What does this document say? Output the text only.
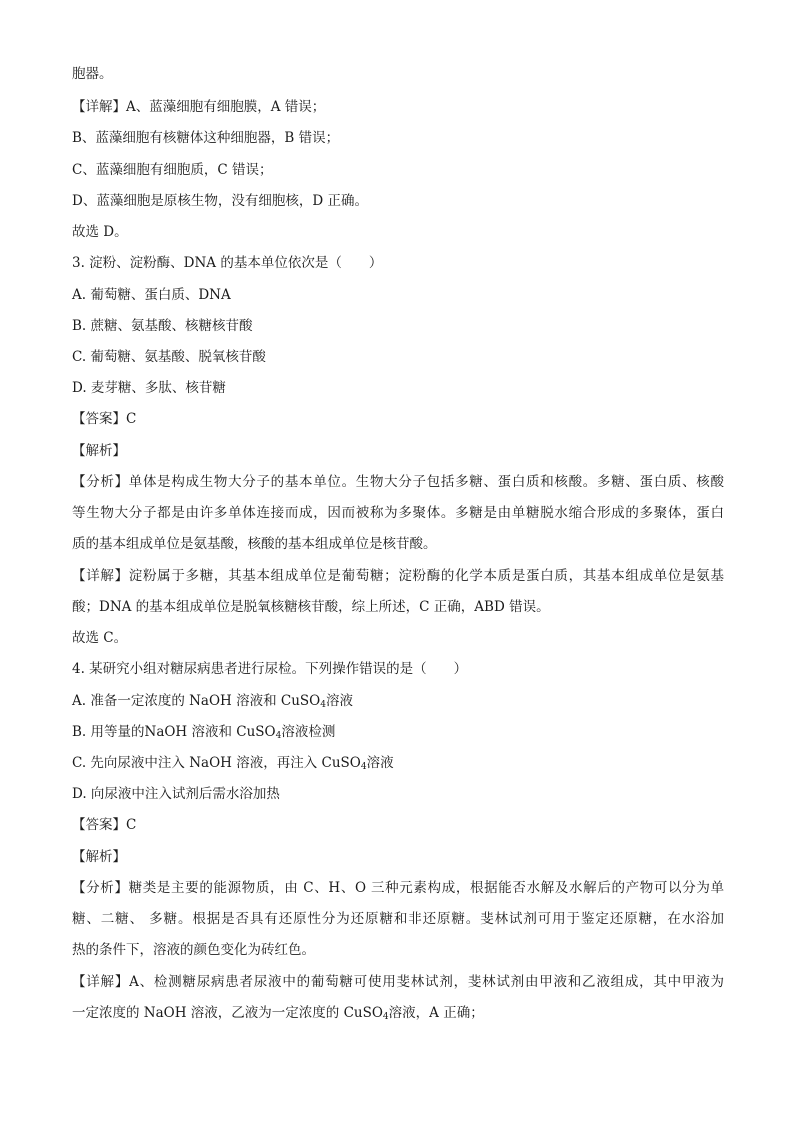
胞器。
【详解】A、蓝藻细胞有细胞膜，A 错误；
B、蓝藻细胞有核糖体这种细胞器，B 错误；
C、蓝藻细胞有细胞质，C 错误；
D、蓝藻细胞是原核生物，没有细胞核，D 正确。
故选 D。
3. 淀粉、淀粉酶、DNA 的基本单位依次是（　　）
A. 葡萄糖、蛋白质、DNA
B. 蔗糖、氨基酸、核糖核苷酸
C. 葡萄糖、氨基酸、脱氧核苷酸
D. 麦芽糖、多肽、核苷糖
【答案】C
【解析】
【分析】单体是构成生物大分子的基本单位。生物大分子包括多糖、蛋白质和核酸。多糖、蛋白质、核酸
等生物大分子都是由许多单体连接而成，因而被称为多聚体。多糖是由单糖脱水缩合形成的多聚体，蛋白
质的基本组成单位是氨基酸，核酸的基本组成单位是核苷酸。
【详解】淀粉属于多糖，其基本组成单位是葡萄糖；淀粉酶的化学本质是蛋白质，其基本组成单位是氨基
酸；DNA 的基本组成单位是脱氧核糖核苷酸，综上所述，C 正确，ABD 错误。
故选 C。
4. 某研究小组对糖尿病患者进行尿检。下列操作错误的是（　　）
A. 准备一定浓度的 NaOH 溶液和 CuSO$_4$溶液
B. 用等量的NaOH 溶液和 CuSO$_4$溶液检测
C. 先向尿液中注入 NaOH 溶液，再注入 CuSO$_4$溶液
D. 向尿液中注入试剂后需水浴加热
【答案】C
【解析】
【分析】糖类是主要的能源物质，由 C、H、O 三种元素构成，根据能否水解及水解后的产物可以分为单
糖、二糖、 多糖。根据是否具有还原性分为还原糖和非还原糖。斐林试剂可用于鉴定还原糖，在水浴加
热的条件下，溶液的颜色变化为砖红色。
【详解】A、检测糖尿病患者尿液中的葡萄糖可使用斐林试剂，斐林试剂由甲液和乙液组成，其中甲液为
一定浓度的 NaOH 溶液，乙液为一定浓度的 CuSO$_4$溶液，A 正确；
